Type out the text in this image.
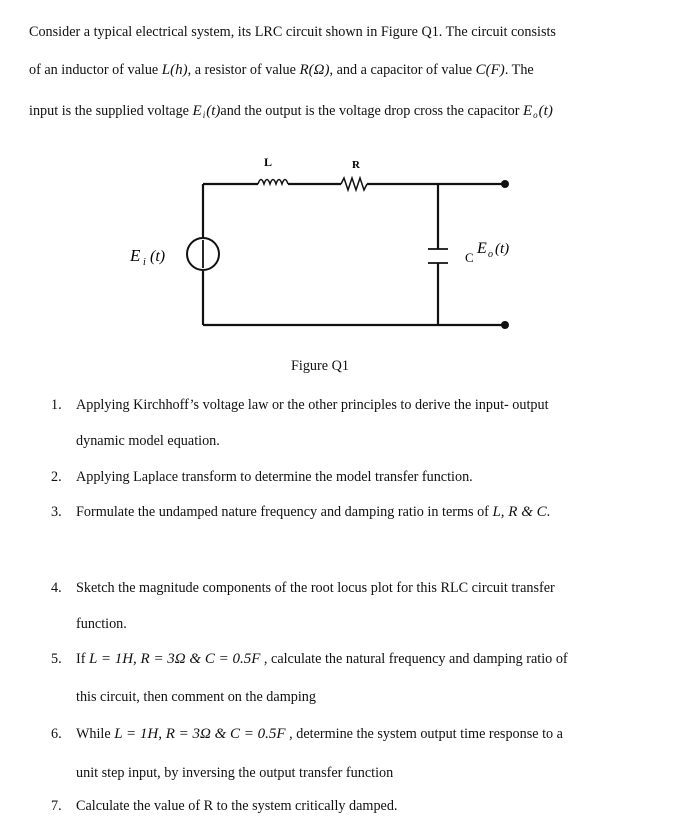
Consider a typical electrical system, its LRC circuit shown in Figure Q1. The circuit consists
of an inductor of value L(h), a resistor of value R(Ω), and a capacitor of value C(F). The
input is the supplied voltage $E_i(t)and$ the output is the voltage drop cross the capacitor $E_o(t)$
L	R
C
E i (t)	E o (t)
Figure Q1
1. Applying Kirchhoff’s voltage law or the other principles to derive the input- output
dynamic model equation.
2. Applying Laplace transform to determine the model transfer function.
3. Formulate the undamped nature frequency and damping ratio in terms of L, R & C.
4. Sketch the magnitude components of the root locus plot for this RLC circuit transfer
function.
5. If L = 1H, R = 3Ω & C = 0.5F , calculate the natural frequency and damping ratio of
this circuit, then comment on the damping
6. While L = 1H, R = 3Ω & C = 0.5F , determine the system output time response to a
unit step input, by inversing the output transfer function
7. Calculate the value of R to the system critically damped.
